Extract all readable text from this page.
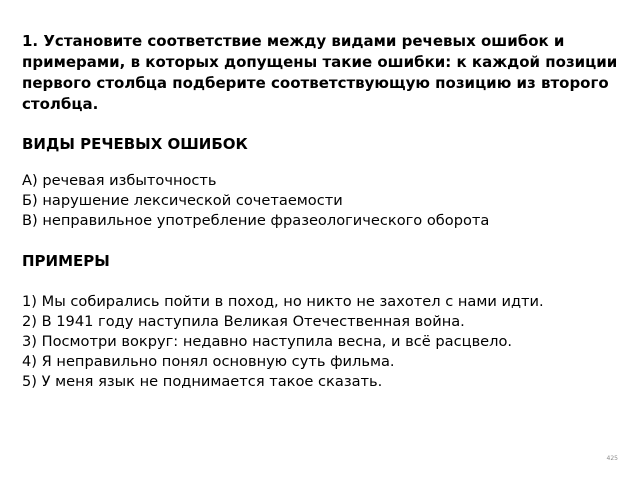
1. Установите соответствие между видами речевых ошибок и примерами, в которых допущены такие ошибки: к каждой позиции первого столбца подберите соответствующую позицию из второго столбца.

ВИДЫ РЕЧЕВЫХ ОШИБОК

А) речевая избыточность
Б) нарушение лексической сочетаемости
В) неправильное употребление фразеологического оборота

ПРИМЕРЫ

1) Мы собирались пойти в поход, но никто не захотел с нами идти.
2) В 1941 году наступила Великая Отечественная война.
3) Посмотри вокруг: недавно наступила весна, и всё расцвело.
4) Я неправильно понял основную суть фильма.
5) У меня язык не поднимается такое сказать.
425
